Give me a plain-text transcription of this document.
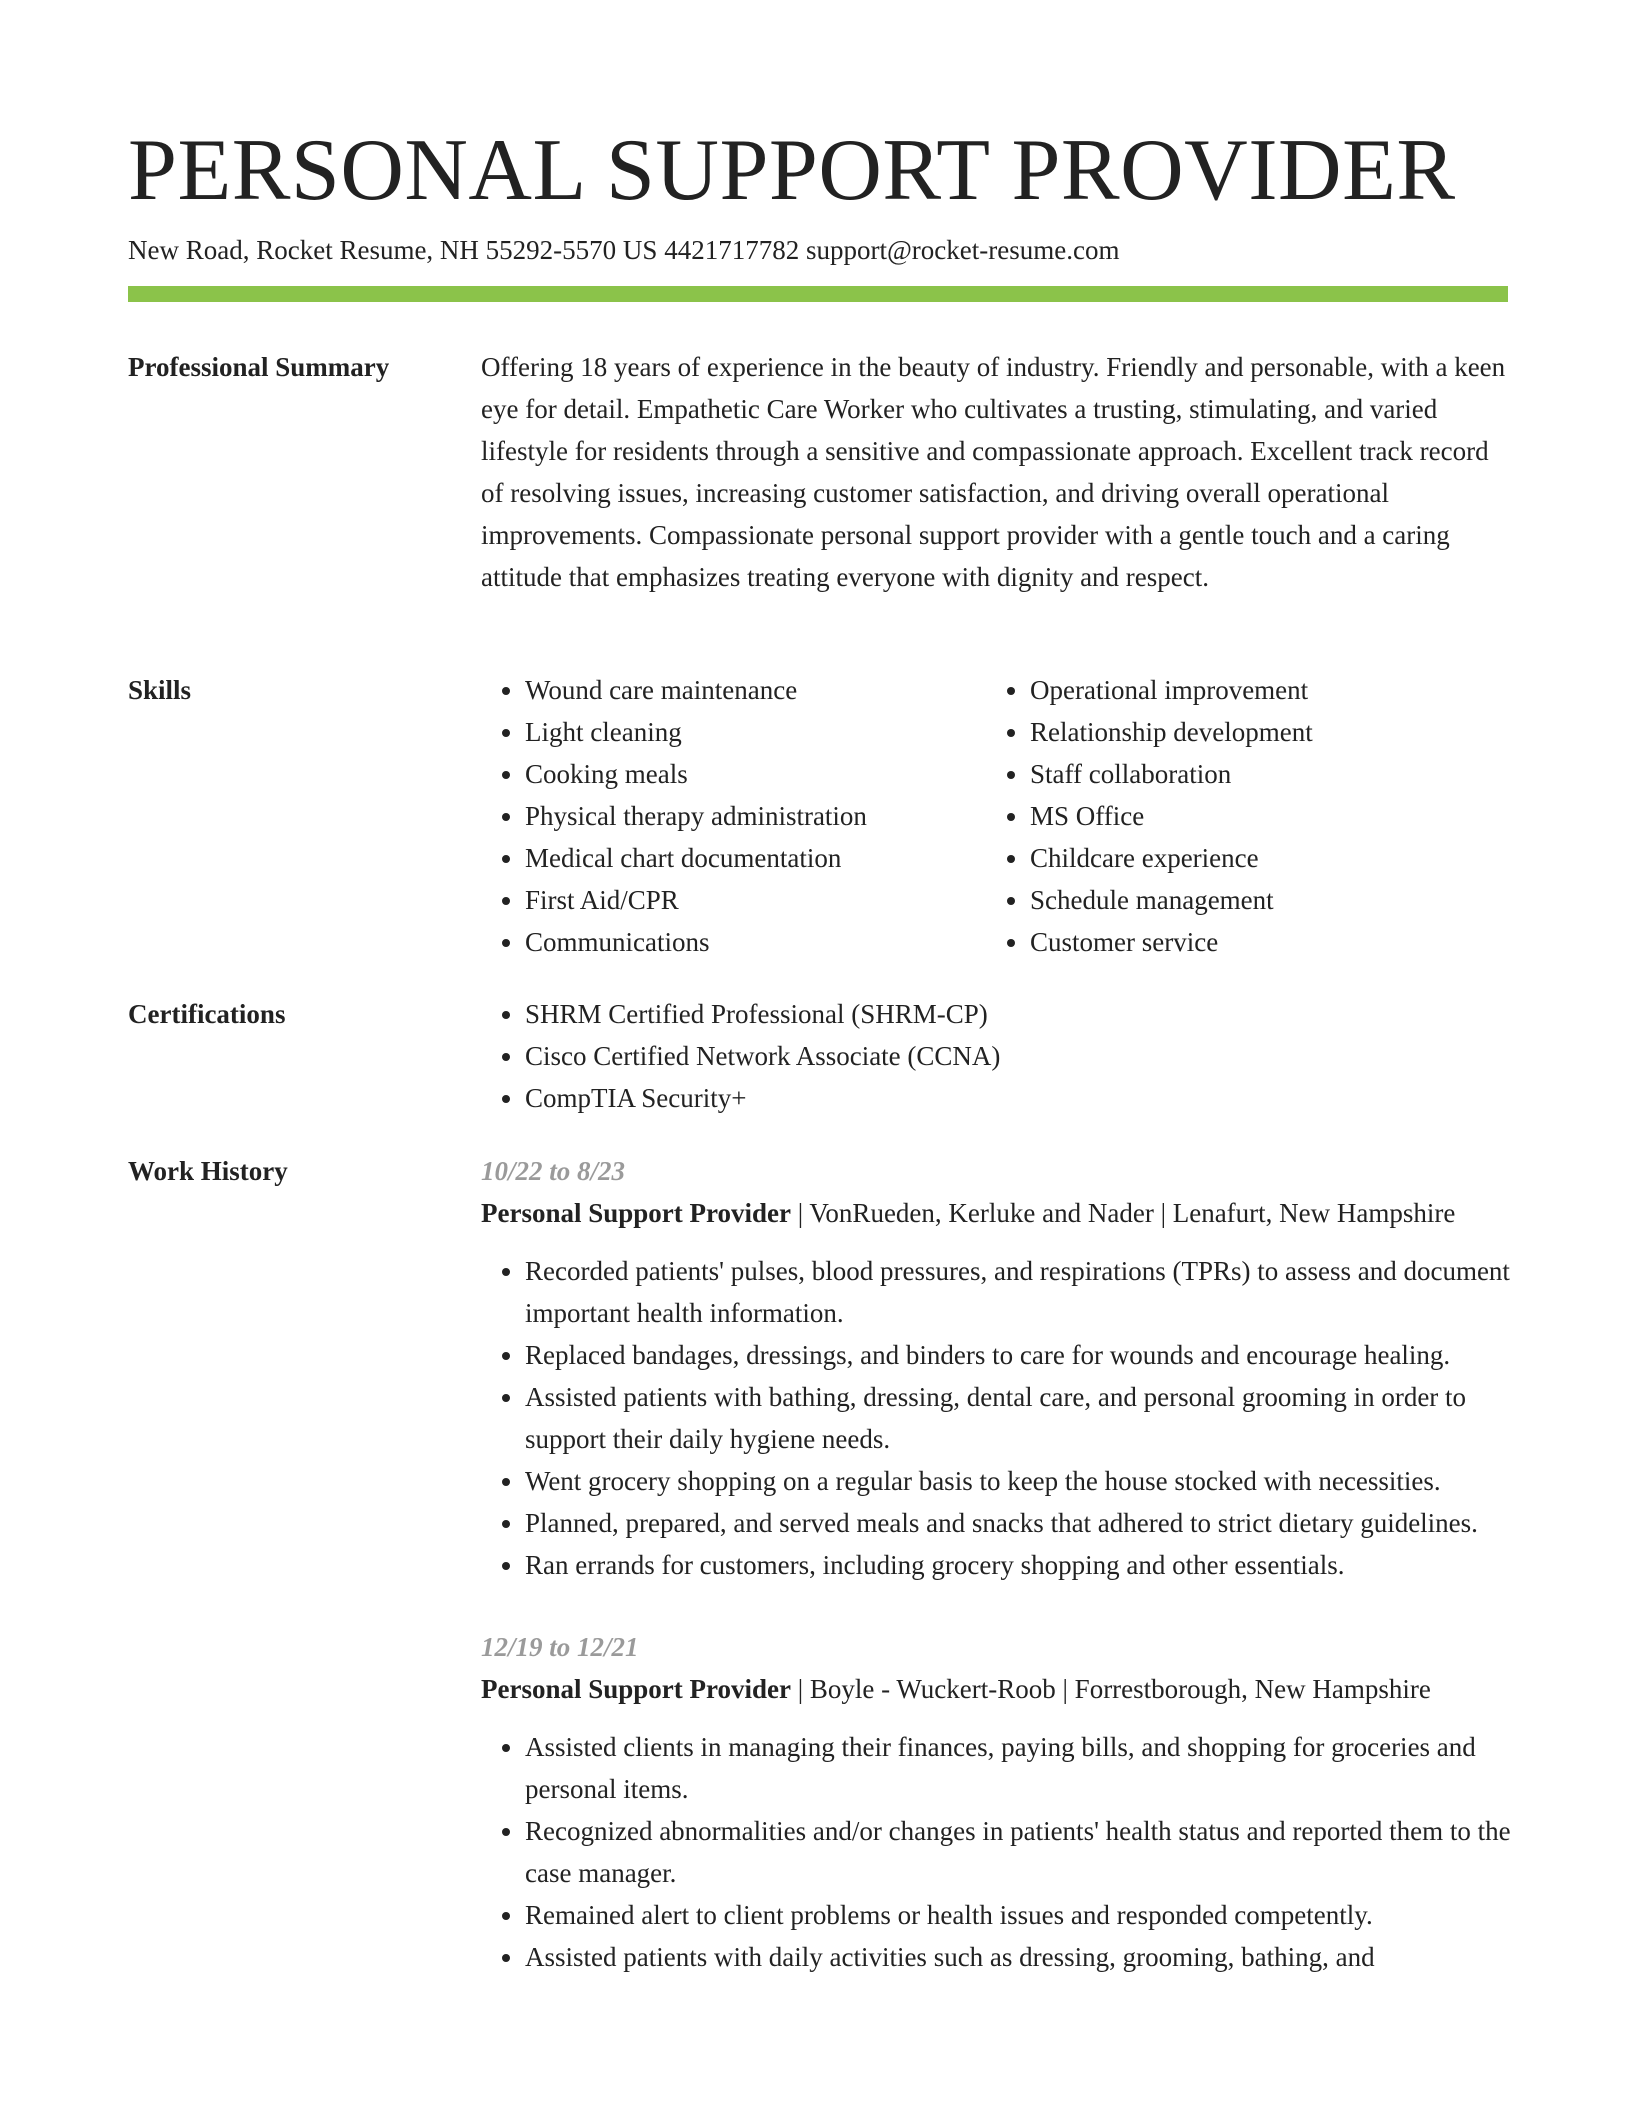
PERSONAL SUPPORT PROVIDER
New Road, Rocket Resume, NH 55292-5570 US 4421717782 support@rocket-resume.com
Professional Summary	Offering 18 years of experience in the beauty of industry. Friendly and personable, with a keen eye for detail. Empathetic Care Worker who cultivates a trusting, stimulating, and varied lifestyle for residents through a sensitive and compassionate approach. Excellent track record of resolving issues, increasing customer satisfaction, and driving overall operational improvements. Compassionate personal support provider with a gentle touch and a caring attitude that emphasizes treating everyone with dignity and respect.

Skills	• Wound care maintenance
• Light cleaning
• Cooking meals
• Physical therapy administration
• Medical chart documentation
• First Aid/CPR
• Communications
• Operational improvement
• Relationship development
• Staff collaboration
• MS Office
• Childcare experience
• Schedule management
• Customer service
Certifications	• SHRM Certified Professional (SHRM-CP)
• Cisco Certified Network Associate (CCNA)
• CompTIA Security+
Work History	10/22 to 8/23
Personal Support Provider | VonRueden, Kerluke and Nader | Lenafurt, New Hampshire
• Recorded patients' pulses, blood pressures, and respirations (TPRs) to assess and document important health information.
• Replaced bandages, dressings, and binders to care for wounds and encourage healing.
• Assisted patients with bathing, dressing, dental care, and personal grooming in order to support their daily hygiene needs.
• Went grocery shopping on a regular basis to keep the house stocked with necessities.
• Planned, prepared, and served meals and snacks that adhered to strict dietary guidelines.
• Ran errands for customers, including grocery shopping and other essentials.
12/19 to 12/21
Personal Support Provider | Boyle - Wuckert-Roob | Forrestborough, New Hampshire
• Assisted clients in managing their finances, paying bills, and shopping for groceries and personal items.
• Recognized abnormalities and/or changes in patients' health status and reported them to the case manager.
• Remained alert to client problems or health issues and responded competently.
• Assisted patients with daily activities such as dressing, grooming, bathing, and
